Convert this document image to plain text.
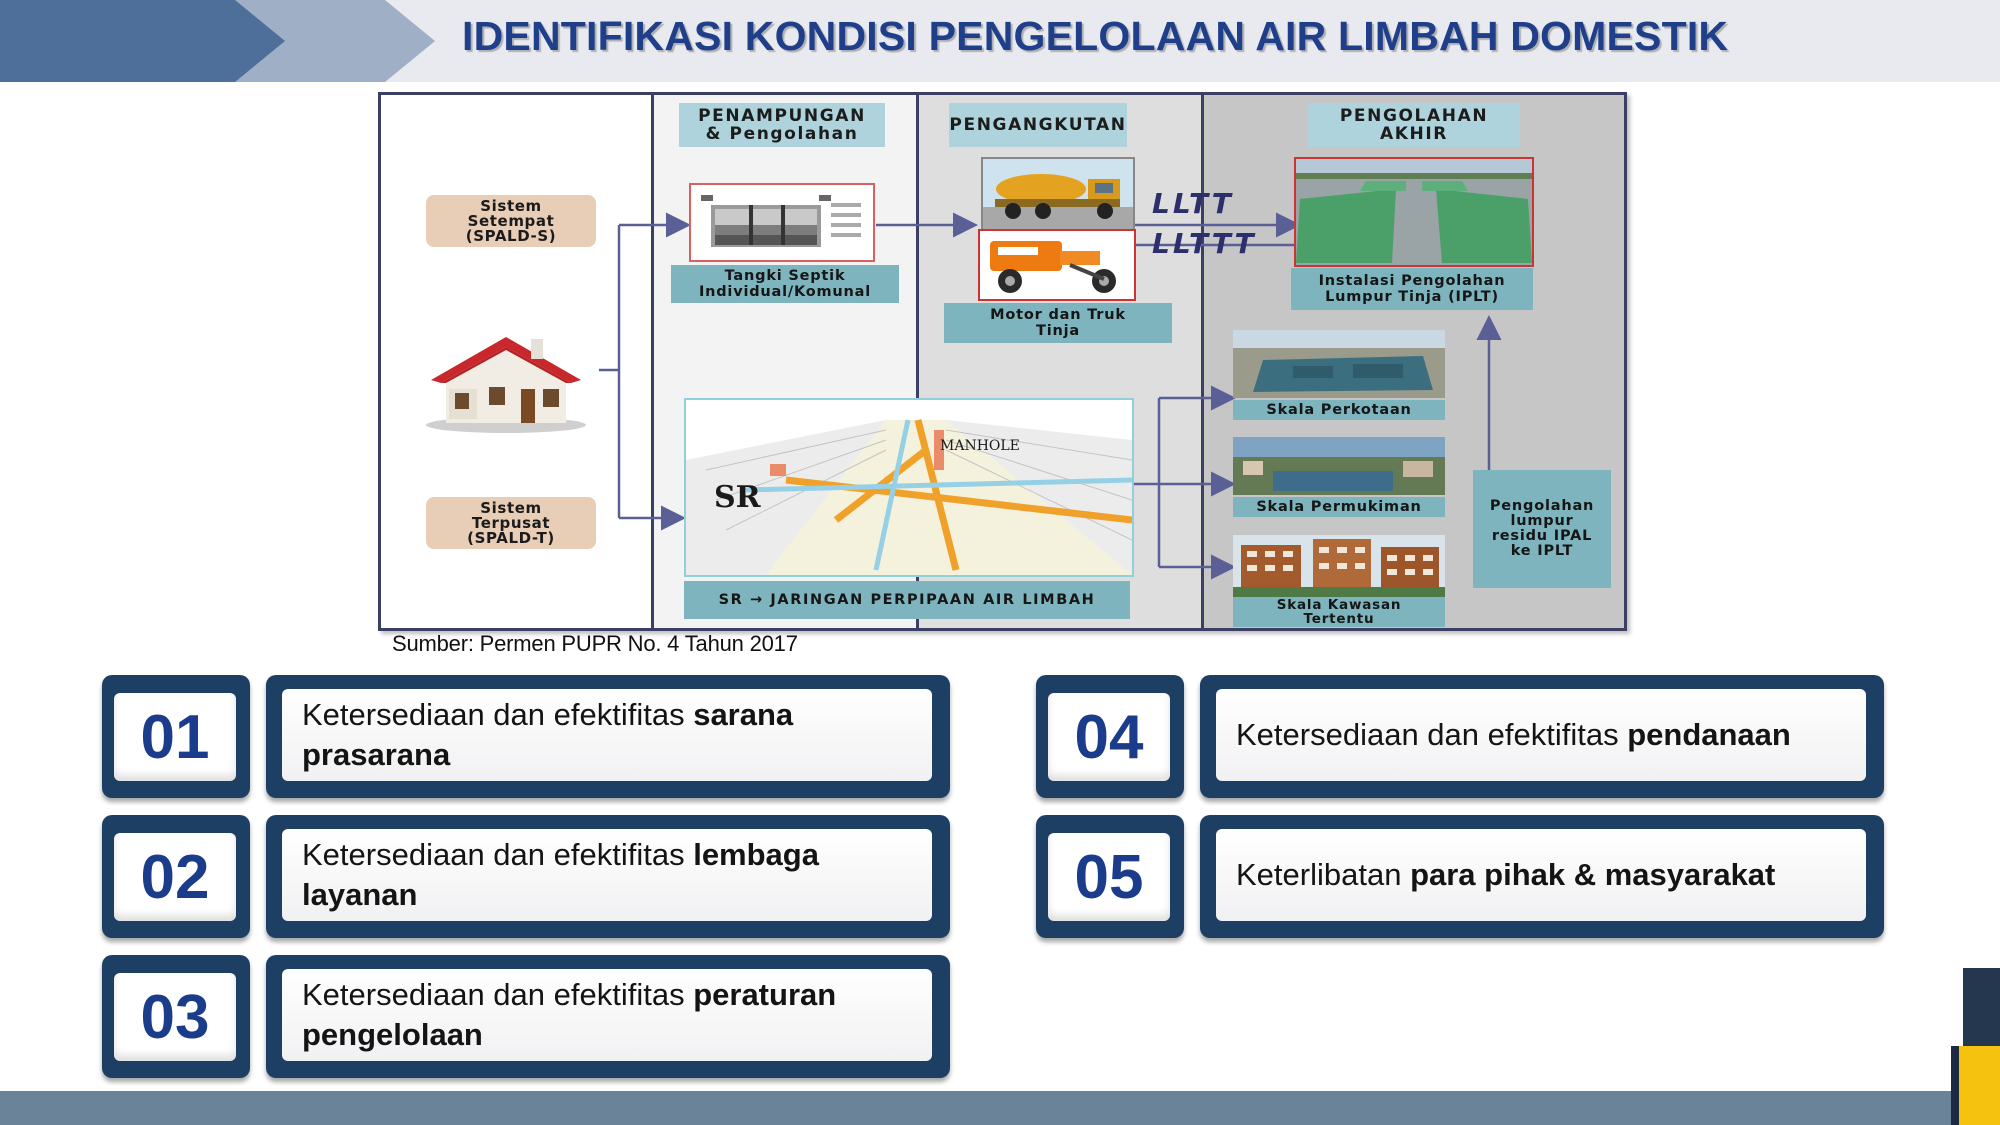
IDENTIFIKASI KONDISI PENGELOLAAN AIR LIMBAH DOMESTIK
PENAMPUNGAN & Pengolahan	PENGANGKUTAN	PENGOLAHAN AKHIR
Sistem
Setempat
(SPALD-S)
Sistem
Terpusat
(SPALD-T)
Tangki Septik
Individual/Komunal
Motor dan Truk
Tinja
LLTT
LLTTT
Instalasi Pengolahan
Lumpur Tinja (IPLT)
Skala Perkotaan
Skala Permukiman
Skala Kawasan
Tertentu
Pengolahan
lumpur
residu IPAL
ke IPLT
SR
MANHOLE
SR → JARINGAN PERPIPAAN AIR LIMBAH
Sumber: Permen PUPR No. 4 Tahun 2017
01	Ketersediaan dan efektifitas sarana prasarana
02	Ketersediaan dan efektifitas lembaga layanan
03	Ketersediaan dan efektifitas peraturan pengelolaan
04	Ketersediaan dan efektifitas pendanaan
05	Keterlibatan para pihak & masyarakat
